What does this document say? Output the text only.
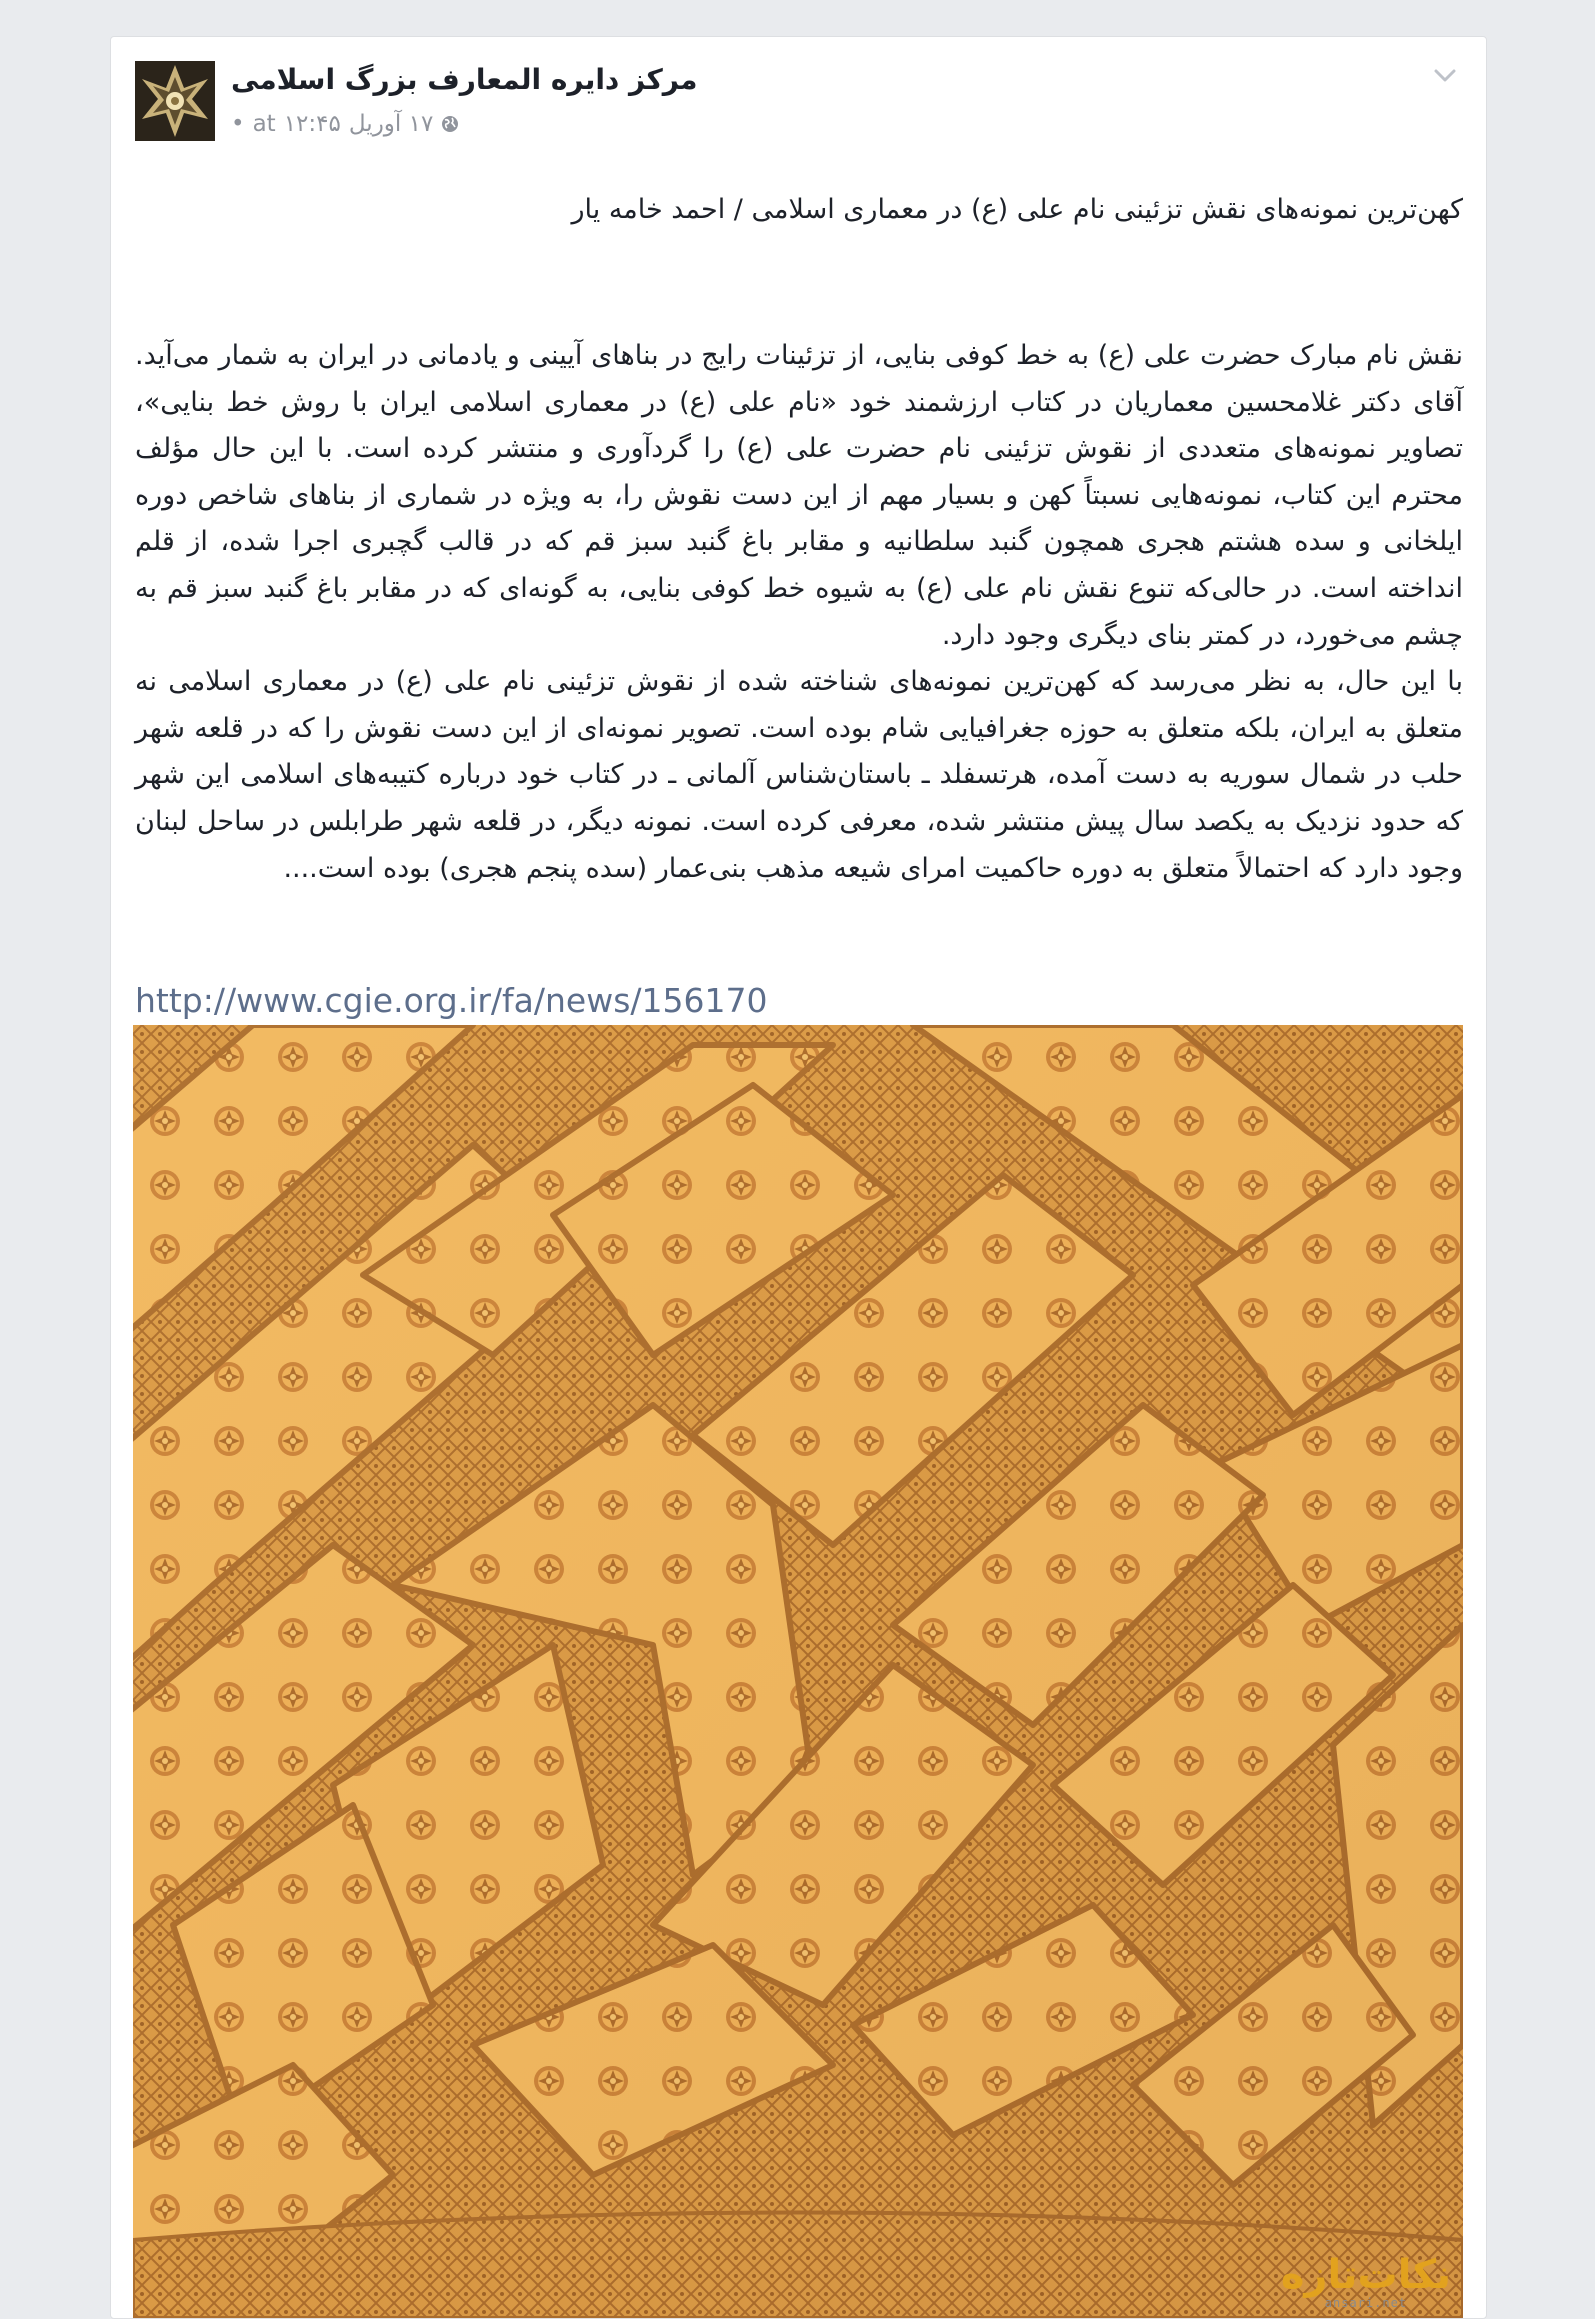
مرکز دایره المعارف بزرگ اسلامی
• at ۱۲:۴۵ ۱۷ آوریل
کهن‌ترین نمونه‌های نقش تزئینی نام علی (ع) در معماری اسلامی / احمد خامه یار

نقش نام مبارک حضرت علی (ع) به خط کوفی بنایی، از تزئینات رایج در بناهای آیینی و یادمانی در ایران به شمار می‌آید. آقای دکتر غلامحسین معماریان در کتاب ارزشمند خود «نام علی (ع) در معماری اسلامی ایران با روش خط بنایی»، تصاویر نمونه‌های متعددی از نقوش تزئینی نام حضرت علی (ع) را گردآوری و منتشر کرده است. با این حال مؤلف محترم این کتاب، نمونه‌هایی نسبتاً کهن و بسیار مهم از این دست نقوش را، به ویژه در شماری از بناهای شاخص دوره ایلخانی و سده هشتم هجری همچون گنبد سلطانیه و مقابر باغ گنبد سبز قم که در قالب گچبری اجرا شده، از قلم انداخته است. در حالی‌که تنوع نقش نام علی (ع) به شیوه خط کوفی بنایی، به گونه‌ای که در مقابر باغ گنبد سبز قم به چشم می‌خورد، در کمتر بنای دیگری وجود دارد.

با این حال، به نظر می‌رسد که کهن‌ترین نمونه‌های شناخته شده از نقوش تزئینی نام علی (ع) در معماری اسلامی نه متعلق به ایران، بلکه متعلق به حوزه جغرافیایی شام بوده است. تصویر نمونه‌ای از این دست نقوش را که در قلعه شهر حلب در شمال سوریه به دست آمده، هرتسفلد ـ باستان‌شناس آلمانی ـ در کتاب خود درباره کتیبه‌های اسلامی این شهر که حدود نزدیک به یکصد سال پیش منتشر شده، معرفی کرده است. نمونه دیگر، در قلعه شهر طرابلس در ساحل لبنان وجود دارد که احتمالاً متعلق به دوره حاکمیت امرای شیعه مذهب بنی‌عمار (سده پنجم هجری) بوده است....

http://www.cgie.org.ir/fa/news/156170
نکات‌تازه
ansari.net
